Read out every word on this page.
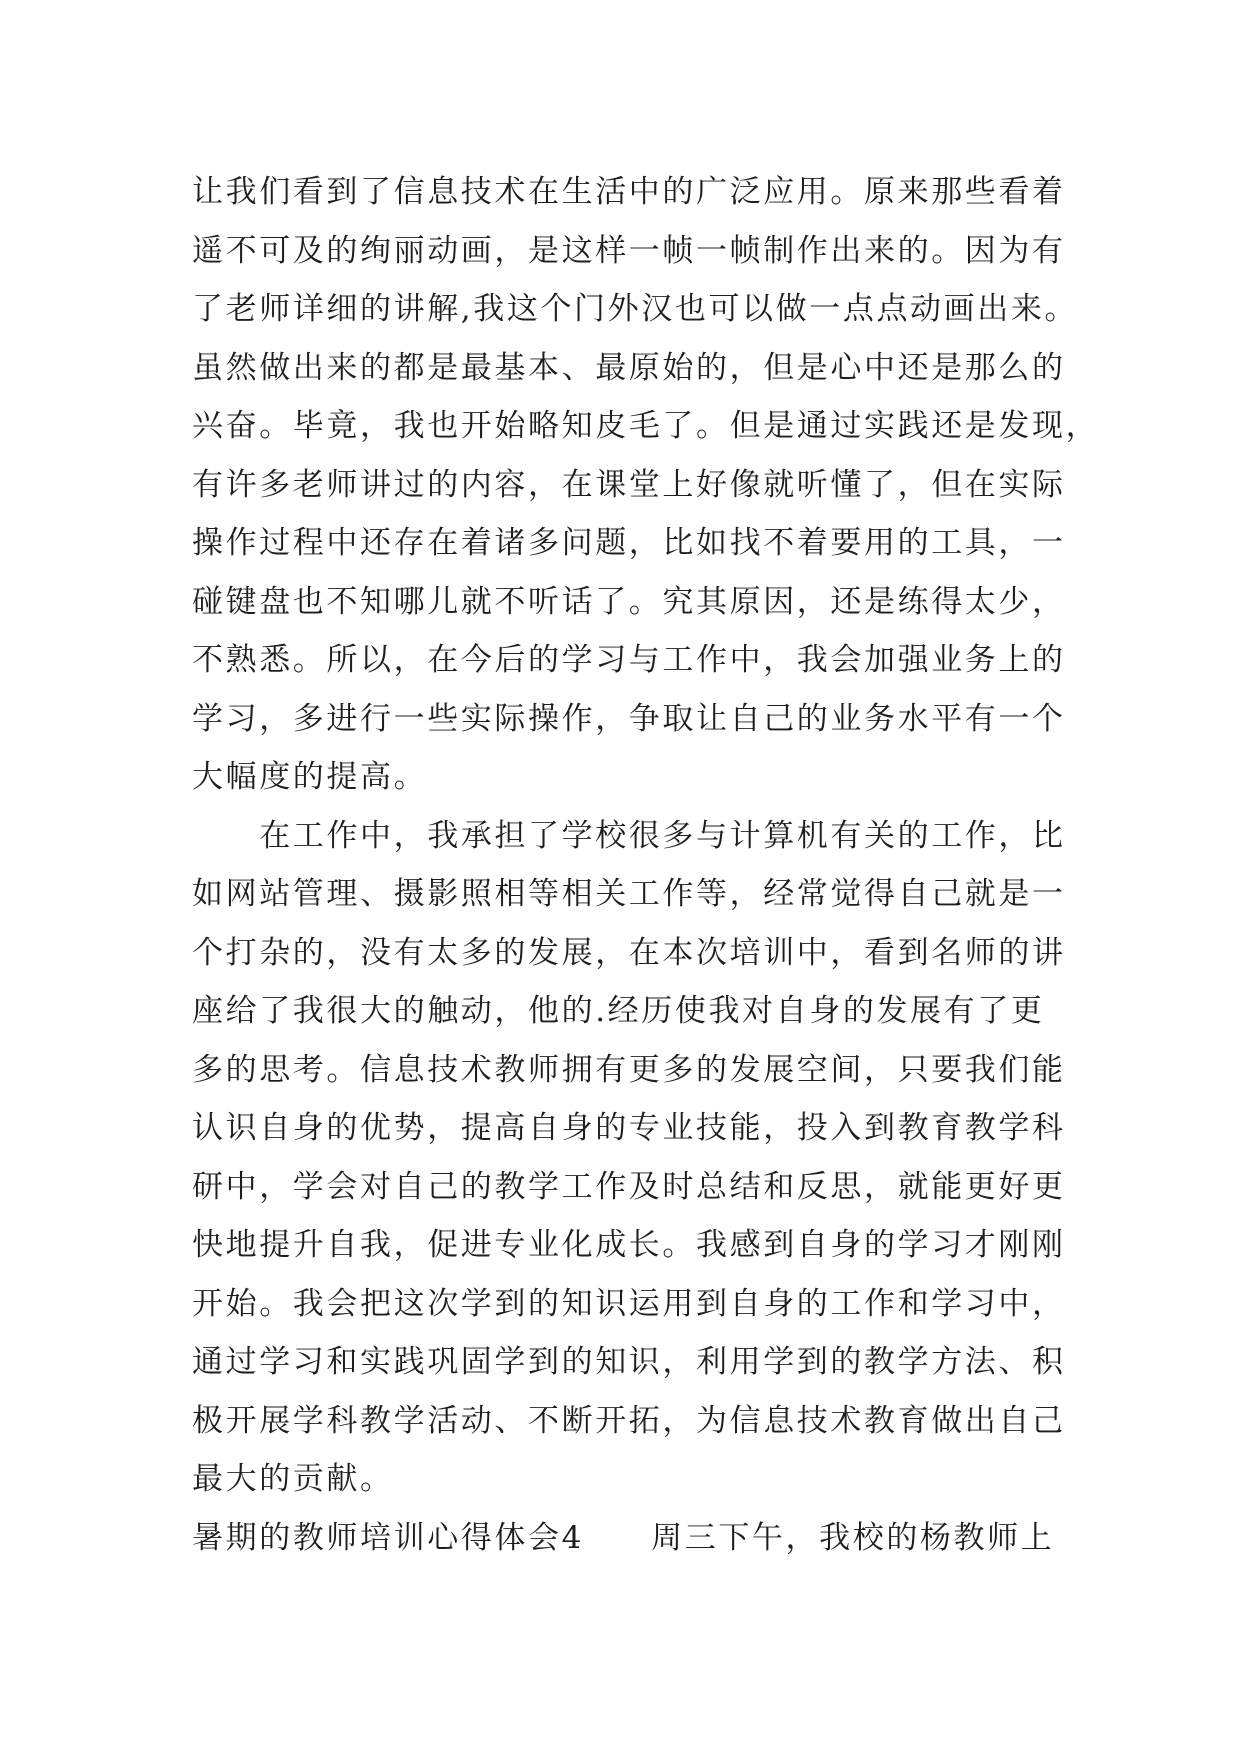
让我们看到了信息技术在生活中的广泛应用。原来那些看着
遥不可及的绚丽动画，是这样一帧一帧制作出来的。因为有
了老师详细的讲解,我这个门外汉也可以做一点点动画出来。
虽然做出来的都是最基本、最原始的，但是心中还是那么的
兴奋。毕竟，我也开始略知皮毛了。但是通过实践还是发现，
有许多老师讲过的内容，在课堂上好像就听懂了，但在实际
操作过程中还存在着诸多问题，比如找不着要用的工具，一
碰键盘也不知哪儿就不听话了。究其原因，还是练得太少，
不熟悉。所以，在今后的学习与工作中，我会加强业务上的
学习，多进行一些实际操作，争取让自己的业务水平有一个
大幅度的提高。
　　在工作中，我承担了学校很多与计算机有关的工作，比
如网站管理、摄影照相等相关工作等，经常觉得自己就是一
个打杂的，没有太多的发展，在本次培训中，看到名师的讲
座给了我很大的触动，他的.经历使我对自身的发展有了更
多的思考。信息技术教师拥有更多的发展空间，只要我们能
认识自身的优势，提高自身的专业技能，投入到教育教学科
研中，学会对自己的教学工作及时总结和反思，就能更好更
快地提升自我，促进专业化成长。我感到自身的学习才刚刚
开始。我会把这次学到的知识运用到自身的工作和学习中，
通过学习和实践巩固学到的知识，利用学到的教学方法、积
极开展学科教学活动、不断开拓，为信息技术教育做出自己
最大的贡献。
暑期的教师培训心得体会4　　周三下午，我校的杨教师上
